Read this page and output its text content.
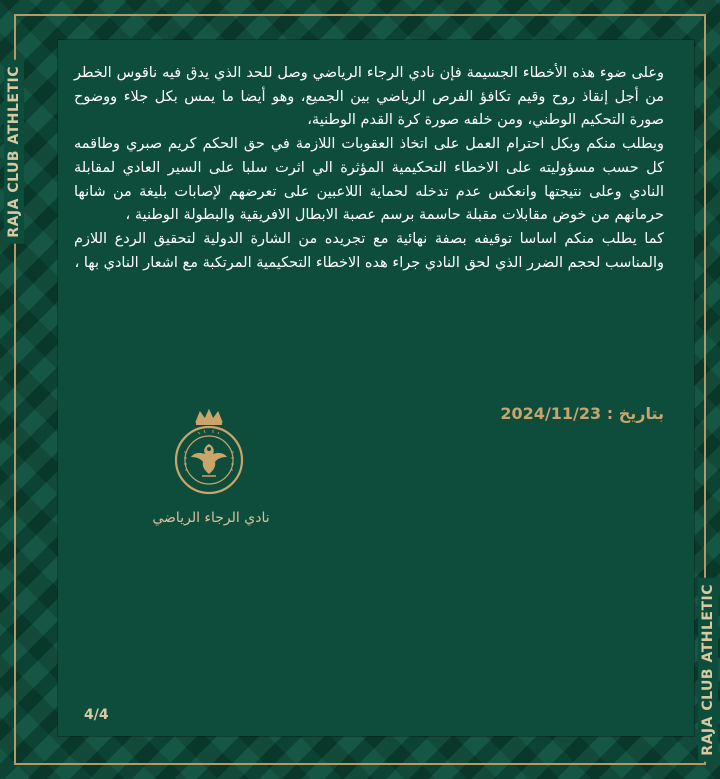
RAJA CLUB ATHLETIC
RAJA CLUB ATHLETIC

وعلى ضوء هذه الأخطاء الجسيمة فإن نادي الرجاء الرياضي وصل للحد الذي يدق فيه ناقوس الخطر من أجل إنقاذ روح وقيم تكافؤ الفرص الرياضي بين الجميع، وهو أيضا ما يمس بكل جلاء ووضوح صورة التحكيم الوطني، ومن خلفه صورة كرة القدم الوطنية،

ويطلب منكم وبكل احترام العمل على اتخاذ العقوبات اللازمة في حق الحكم كريم صبري وطاقمه كل حسب مسؤوليته على الاخطاء التحكيمية المؤثرة الي اثرت سلبا على السير العادي لمقابلة النادي وعلى نتيجتها وانعكس عدم تدخله لحماية اللاعبين على تعرضهم لإصابات بليغة من شانها حرمانهم من خوض مقابلات مقبلة حاسمة برسم عصبة الابطال الافريقية والبطولة الوطنية ،

كما يطلب منكم اساسا توقيفه بصفة نهائية مع تجريده من الشارة الدولية لتحقيق الردع اللازم والمناسب لحجم الضرر الذي لحق النادي جراء هده الاخطاء التحكيمية المرتكبة مع اشعار النادي بها ،

بتاريخ : 2024/11/23
نادي الرجاء الرياضي
4/4
